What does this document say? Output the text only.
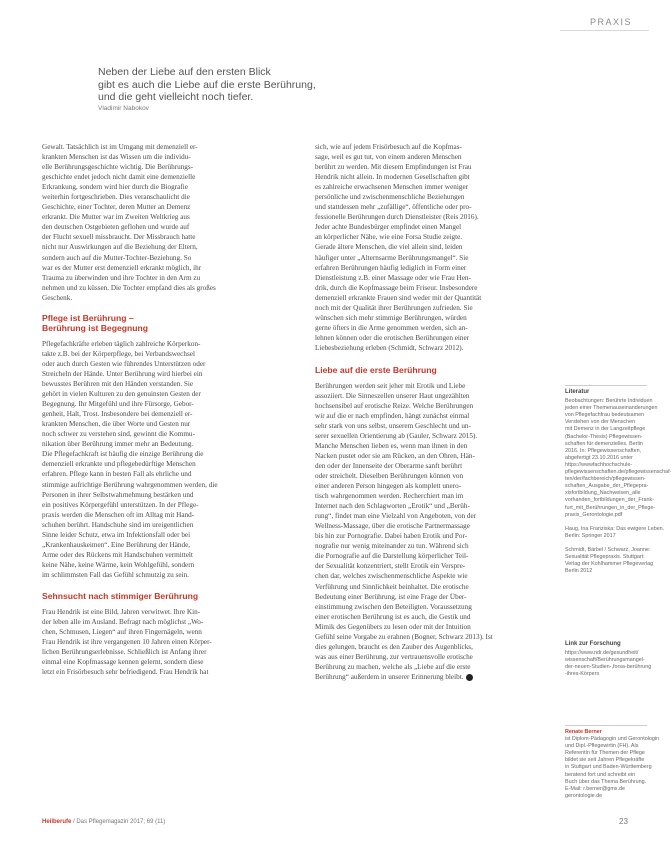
PRAXIS
Neben der Liebe auf den ersten Blick
gibt es auch die Liebe auf die erste Berührung,
und die geht vielleicht noch tiefer.
Vladimir Nabokov

Gewalt. Tatsächlich ist im Umgang mit demenziell er-
krankten Menschen ist das Wissen um die individu-
elle Berührungsgeschichte wichtig. Die Berührungs-
geschichte endet jedoch nicht damit eine demenzielle
Erkrankung, sondern wird hier durch die Biografie
weiterhin fortgeschrieben. Dies veranschaulicht die
Geschichte, einer Tochter, deren Mutter an Demenz
erkrankt. Die Mutter war im Zweiten Weltkrieg aus
den deutschen Ostgebieten geflohen und wurde auf
der Flucht sexuell missbraucht. Der Missbrauch hatte
nicht nur Auswirkungen auf die Beziehung der Eltern,
sondern auch auf die Mutter-Tochter-Beziehung. So
war es der Mutter erst demenziell erkrankt möglich, ihr
Trauma zu überwinden und ihre Tochter in den Arm zu
nehmen und zu küssen. Die Tochter empfand dies als großes
Geschenk.

Pflege ist Berührung –
Berührung ist Begegnung

Pflegefachkräfte erleben täglich zahlreiche Körperkon-
takte z.B. bei der Körperpflege, bei Verbandswechsel
oder auch durch Gesten wie führendes Unterstützen oder
Streicheln der Hände. Unter Berührung wird hierbei ein
bewusstes Berühren mit den Händen verstanden. Sie
gehört in vielen Kulturen zu den genuinsten Gesten der
Begegnung. Ihr Mitgefühl und ihre Fürsorge, Gebor-
genheit, Halt, Trost. Insbesondere bei demenziell er-
krankten Menschen, die über Worte und Gesten nur
noch schwer zu verstehen sind, gewinnt die Kommu-
nikation über Berührung immer mehr an Bedeutung.
Die Pflegefachkraft ist häufig die einzige Berührung die
demenziell erkrankte und pflegebedürftige Menschen
erfahren. Pflege kann in besten Fall als ehrliche und
stimmige aufrichtige Berührung wahrgenommen werden, die
Personen in ihrer Selbstwahrnehmung bestärken und
ein positives Körpergefühl unterstützen. In der Pflege-
praxis werden die Menschen oft im Alltag mit Hand-
schuhen berührt. Handschuhe sind im ureigentlichen
Sinne leider Schutz, etwa im Infektionsfall oder bei
„Krankenhauskeimen“. Eine Berührung der Hände,
Arme oder des Rückens mit Handschuhen vermittelt
keine Nähe, keine Wärme, kein Wohlgefühl, sondern
im schlimmsten Fall das Gefühl schmutzig zu sein.

Sehnsucht nach stimmiger Berührung

Frau Hendrik ist eine Bild, Jahren verwitwet. Ihre Kin-
der leben alle im Ausland. Befragt nach möglichst „Wo-
chen, Schmusen, Liegen“ auf ihren Fingernägeln, wenn
Frau Hendrik ist ihre vergangenen 10 Jahren einen Körper-
lichen Berührungserlebnisse. Schließlich ist Anfang ihrer
einmal eine Kopfmassage kennen gelernt, sondern diese
letzt ein Frisörbesuch sehr befriedigend. Frau Hendrik hat

sich, wie auf jedem Frisörbesuch auf die Kopfmas-
sage, weil es gut tut, von einem anderen Menschen
berührt zu werden. Mit diesem Empfindungen ist Frau
Hendrik nicht allein. In modernen Gesellschaften gibt
es zahlreiche erwachsenen Menschen immer weniger
persönliche und zwischenmenschliche Beziehungen
und stattdessen mehr „zufällige“, öffentliche oder pro-
fessionelle Berührungen durch Dienstleister (Reis 2016).
Jeder achte Bundesbürger empfindet einen Mangel
an körperlicher Nähe, wie eine Forsa Studie zeigte.
Gerade ältere Menschen, die viel allein sind, leiden
häufiger unter „Alternsarme Berührungsmangel“. Sie
erfahren Berührungen häufig lediglich in Form einer
Dienstleistung z.B. einer Massage oder wie Frau Hen-
drik, durch die Kopfmassage beim Friseur. Insbesondere
demenziell erkrankte Frauen sind weder mit der Quantität
noch mit der Qualität ihrer Berührungen zufrieden. Sie
wünschen sich mehr stimmige Berührungen, würden
gerne öfters in die Arme genommen werden, sich an-
lehnen können oder die erotischen Berührungen einer
Liebesbeziehung erleben (Schmidt, Schwarz 2012).

Liebe auf die erste Berührung

Berührungen werden seit jeher mit Erotik und Liebe
assoziiert. Die Sinneszellen unserer Haut ungezählten
hochsensibel auf erotische Reize. Welche Berührungen
wir auf die er nach empfinden, hängt zunächst einmal
sehr stark von uns selbst, unserem Geschlecht und un-
serer sexuellen Orientierung ab (Gauler, Schwarz 2015).
Manche Menschen lieben es, wenn man ihnen in den
Nacken pustet oder sie am Rücken, an den Ohren, Hän-
den oder der Innenseite der Oberarme sanft berührt
oder streichelt. Dieselben Berührungen können von
einer anderen Person hingegen als komplett unero-
tisch wahrgenommen werden. Recherchiert man im
Internet nach den Schlagworten „Erotik“ und „Berüh-
rung“, findet man eine Vielzahl von Angeboten, von der
Wellness-Massage, über die erotische Partnermassage
bis hin zur Pornografie. Dabei haben Erotik und Por-
nografie nur wenig miteinander zu tun. Während sich
die Pornografie auf die Darstellung körperlicher Teil-
der Sexualität konzentriert, stellt Erotik ein Verspre-
chen dar, welches zwischenmenschliche Aspekte wie
Verführung und Sinnlichkeit beinhaltet. Die erotische
Bedeutung einer Berührung, ist eine Frage der Über-
einstimmung zwischen den Beteiligten. Voraussetzung
einer erotischen Berührung ist es auch, die Gestik und
Mimik des Gegenübers zu lesen oder mit der Intuition
Gefühl seine Vorgabe zu erahnen (Bogner, Schwarz 2013). Ist
dies gelungen, braucht es den Zauber des Augenblicks,
was aus einer Berührung, zur vertrauensvolle erotische
Berührung zu machen, welche als „Liebe auf die erste
Berührung“ außerdem in unserer Erinnerung bleibt.

Literatur
Beobachtungen: Berührte Individuen
jeden einer Themenauseinanderungen
von Pflegefachfrau bedeutsamen
Verstehen von der Menschen
mit Demenz in der Langzeitpflege
(Bachelor-Thesis) Pflegewissen-
schaften für demenzielles. Berlin
2016. In: Pflegewissenschaften,
abgefertigt 23.10.2016 unter
https://wwwfachhochschule-
pflegewissenschaften.de/pflegewissenschaf-
ten/der/fachbereich/pflegewissen-
schaften_Ausgabe_der_Pflegepra-
xisfortbildung_Nachweisen_alle
vorhanden_fortbildungen_der_Frank-
furt_mit_Berührungen_in_der_Pflege-
praxis_Gerontologie.pdf
Haug, Ina Franziska: Das ewigere Leben.
Berlin: Springer 2017
Schmidt, Bärbel / Schwarz, Joanne:
Sexualität Pflegepraxis. Stuttgart:
Verlag der Kohlhammer Pflegeverlag
Berlin 2012
Link zur Forschung
https://www.ndr.de/gesundheit/
wissenschaft/Berührungsmangel-
der-neuen-Studien-,forsa-berührung
-ihres-Körpers
Renate Berner
ist Diplom-Pädagogin und Gerontologin
und Dipl.-Pflegewirtin (FH). Als
Referentin für Themen der Pflege
bildet sie seit Jahren Pflegekräfte
in Stuttgart und Baden-Württemberg
beratend fort und schreibt ein
Buch über das Thema Berührung.
E-Mail: r.berner@gmx.de
gerontologie.de
Heilberufe / Das Pflegemagazin 2017; 69 (11)	23
